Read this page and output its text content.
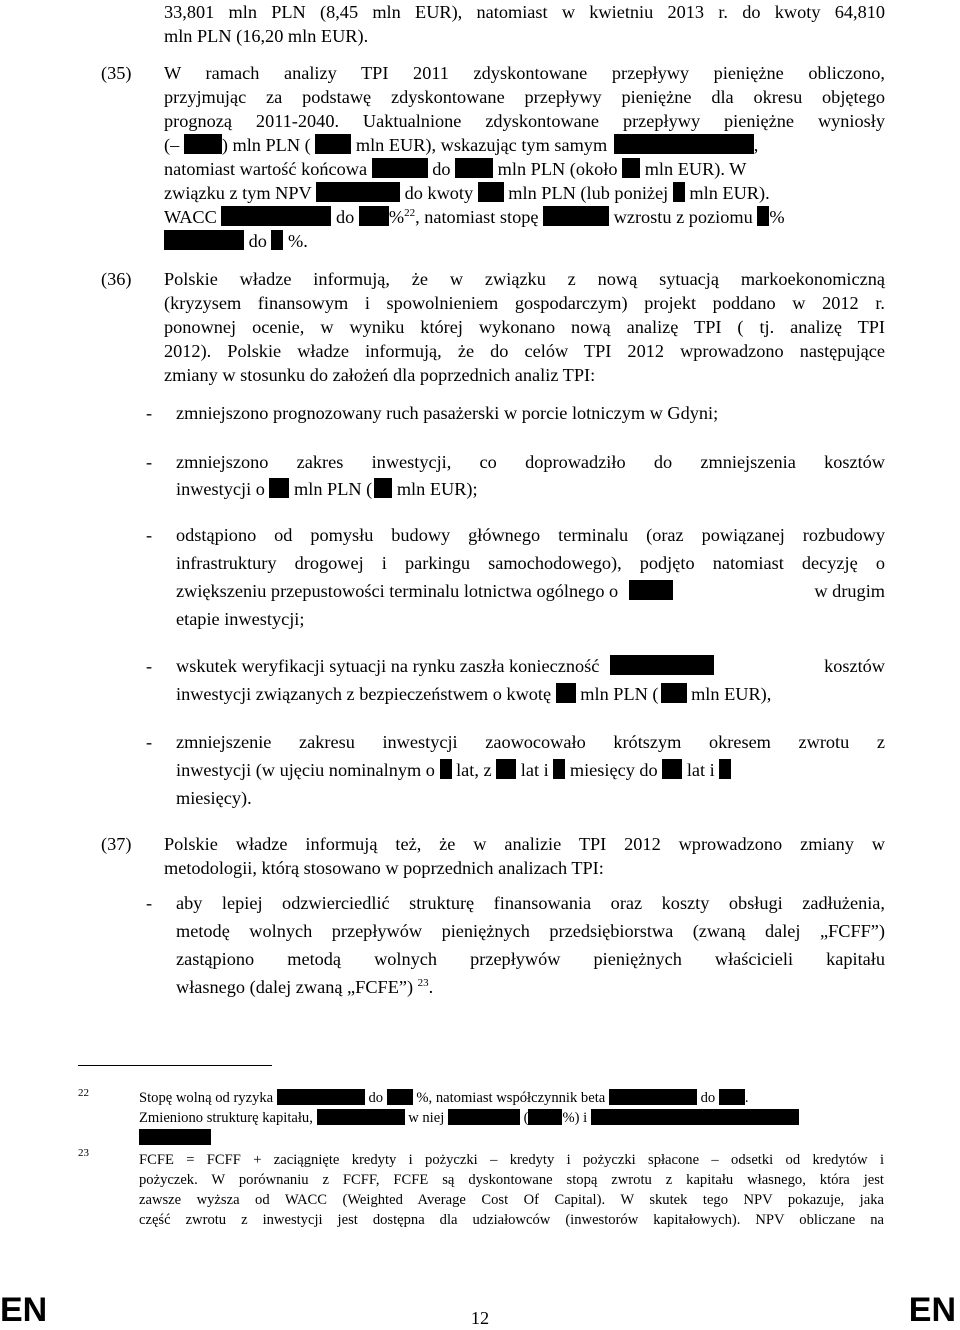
33,801 mln PLN (8,45 mln EUR), natomiast w kwietniu 2013 r. do kwoty 64,810
mln PLN (16,20 mln EUR).
(35) W ramach analizy TPI 2011 zdyskontowane przepływy pieniężne obliczono,
przyjmując za podstawę zdyskontowane przepływy pieniężne dla okresu objętego
prognozą 2011-2040. Uaktualnione zdyskontowane przepływy pieniężne wyniosły
(– ) mln PLN ( mln EUR), wskazując tym samym	,
natomiast wartość końcowa	do	mln PLN (około mln EUR). W
związku z tym NPV	do kwoty mln PLN (lub poniżej mln EUR).
WACC	do %$^{22}$, natomiast stopę	wzrostu z poziomu %
do %.
(36) Polskie władze informują, że w związku z nową sytuacją markoekonomiczną
(kryzysem finansowym i spowolnieniem gospodarczym) projekt poddano w 2012 r.
ponownej ocenie, w wyniku której wykonano nową analizę TPI ( tj. analizę TPI
2012). Polskie władze informują, że do celów TPI 2012 wprowadzono następujące
zmiany w stosunku do założeń dla poprzednich analiz TPI:
- zmniejszono prognozowany ruch pasażerski w porcie lotniczym w Gdyni;
- zmniejszono zakres inwestycji, co doprowadziło do zmniejszenia kosztów
inwestycji o mln PLN ( mln EUR);
- odstąpiono od pomysłu budowy głównego terminalu (oraz powiązanej rozbudowy
infrastruktury drogowej i parkingu samochodowego), podjęto natomiast decyzję o
zwiększeniu przepustowości terminalu lotnictwa ogólnego o	w drugim
etapie inwestycji;
- wskutek weryfikacji sytuacji na rynku zaszła konieczność	kosztów
inwestycji związanych z bezpieczeństwem o kwotę mln PLN ( mln EUR),
- zmniejszenie zakresu inwestycji zaowocowało krótszym okresem zwrotu z
inwestycji (w ujęciu nominalnym o lat, z lat i miesięcy do lat i
miesięcy).
(37) Polskie władze informują też, że w analizie TPI 2012 wprowadzono zmiany w
metodologii, którą stosowano w poprzednich analizach TPI:
- aby lepiej odzwierciedlić strukturę finansowania oraz koszty obsługi zadłużenia,
metodę wolnych przepływów pieniężnych przedsiębiorstwa (zwaną dalej „FCFF”)
zastąpiono metodą wolnych przepływów pieniężnych właścicieli kapitału
własnego (dalej zwaną „FCFE”) $^{23}$.
22	Stopę wolną od ryzyka	do %, natomiast współczynnik beta	do .
Zmieniono strukturę kapitału,	w niej	( %) i
23	FCFE = FCFF + zaciągnięte kredyty i pożyczki – kredyty i pożyczki spłacone – odsetki od kredytów i
pożyczek. W porównaniu z FCFF, FCFE są dyskontowane stopą zwrotu z kapitału własnego, która jest
zawsze wyższa od WACC (Weighted Average Cost Of Capital). W skutek tego NPV pokazuje, jaka
część zwrotu z inwestycji jest dostępna dla udziałowców (inwestorów kapitałowych). NPV obliczane na
EN	12	EN
